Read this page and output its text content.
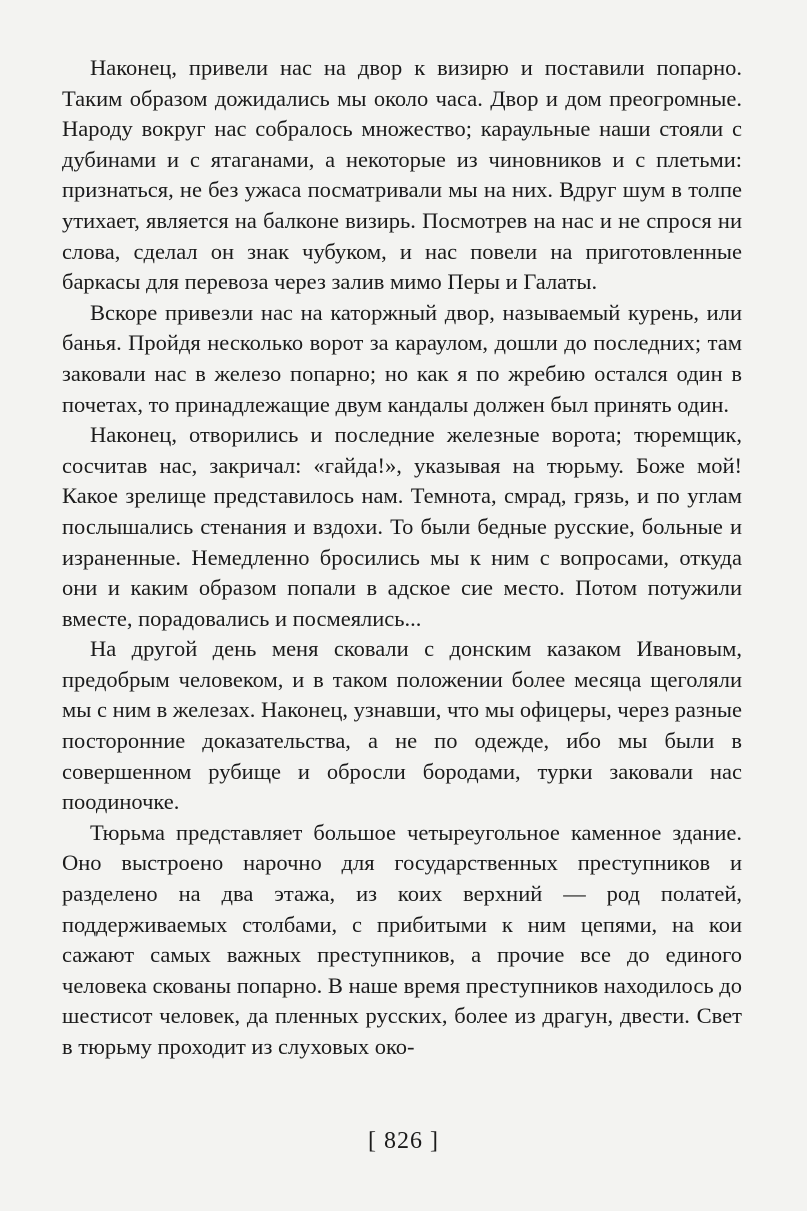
Наконец, привели нас на двор к визирю и поставили попарно. Таким образом дожидались мы около часа. Двор и дом преогромные. Народу вокруг нас собралось множество; караульные наши стояли с дубинами и с ятаганами, а некоторые из чиновников и с плетьми: признаться, не без ужаса посматривали мы на них. Вдруг шум в толпе утихает, является на балконе визирь. Посмотрев на нас и не спрося ни слова, сделал он знак чубуком, и нас повели на приготовленные баркасы для перевоза через залив мимо Перы и Галаты.

Вскоре привезли нас на каторжный двор, называемый курень, или банья. Пройдя несколько ворот за караулом, дошли до последних; там заковали нас в железо попарно; но как я по жребию остался один в почетах, то принадлежащие двум кандалы должен был принять один.

Наконец, отворились и последние железные ворота; тюремщик, сосчитав нас, закричал: «гайда!», указывая на тюрьму. Боже мой! Какое зрелище представилось нам. Темнота, смрад, грязь, и по углам послышались стенания и вздохи. То были бедные русские, больные и израненные. Немедленно бросились мы к ним с вопросами, откуда они и каким образом попали в адское сие место. Потом потужили вместе, порадовались и посмеялись...

На другой день меня сковали с донским казаком Ивановым, предобрым человеком, и в таком положении более месяца щеголяли мы с ним в железах. Наконец, узнавши, что мы офицеры, через разные посторонние доказательства, а не по одежде, ибо мы были в совершенном рубище и обросли бородами, турки заковали нас поодиночке.

Тюрьма представляет большое четыреугольное каменное здание. Оно выстроено нарочно для государственных преступников и разделено на два этажа, из коих верхний — род полатей, поддерживаемых столбами, с прибитыми к ним цепями, на кои сажают самых важных преступников, а прочие все до единого человека скованы попарно. В наше время преступников находилось до шестисот человек, да пленных русских, более из драгун, двести. Свет в тюрьму проходит из слуховых око-

[ 826 ]
